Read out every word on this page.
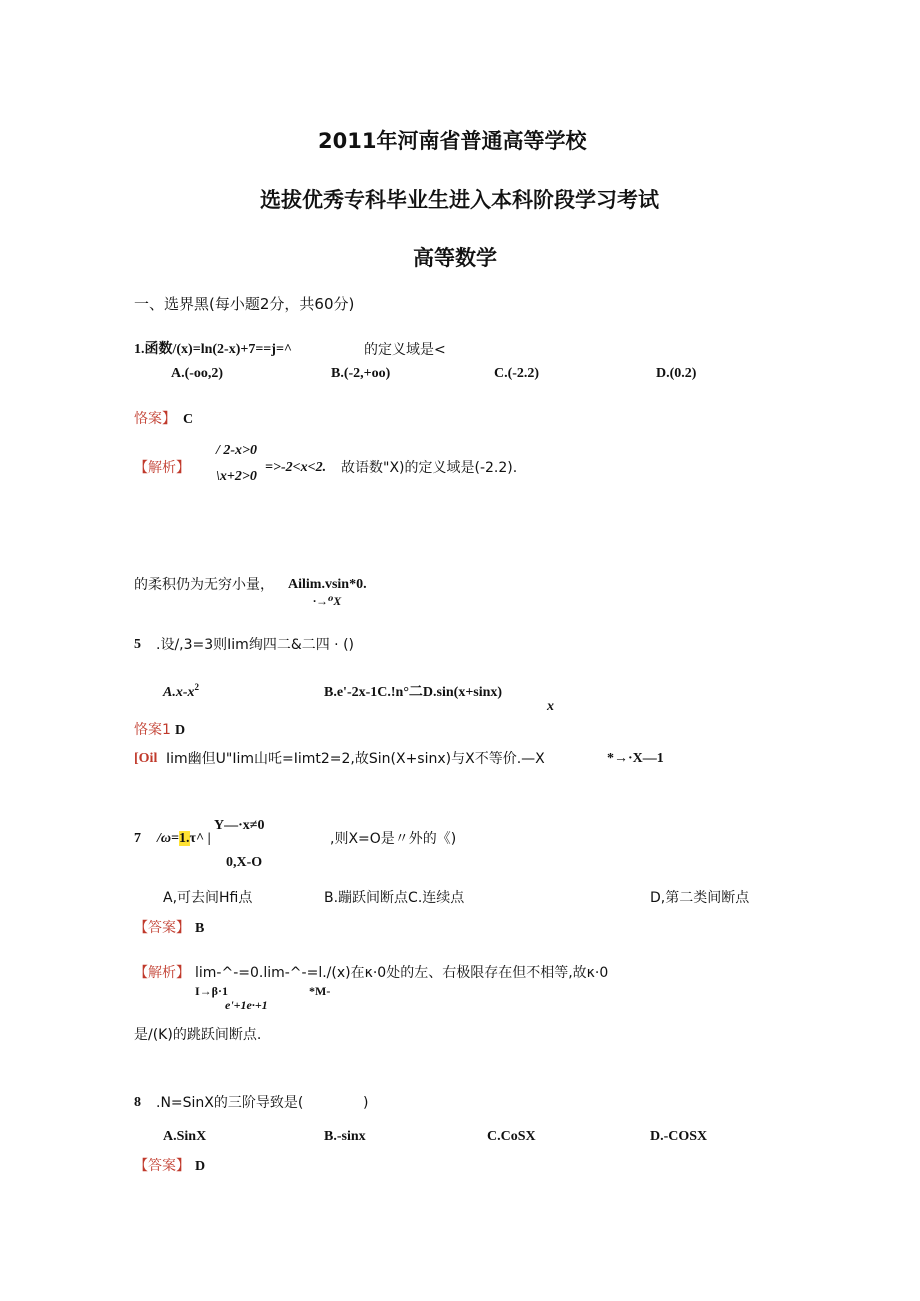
2011年河南省普通高等学校
选拔优秀专科毕业生进入本科阶段学习考试
高等数学
一、选界黑(每小题2分，共60分)
1.函数/(x)=ln(2-x)+7==j=^	的定义域是<
A.(-oo,2)	B.(-2,+oo)	C.(-2.2)	D.(0.2)
恪案】 C
/ 2-x>0
【解析】	=>-2<x<2. 故语数"X)的定义域是(-2.2).
\x+2>0
的柔积仍为无穷小量， Ailim.vsin*0.
·→⁰X
5 .设/,3=3则Iim绚四二&二四 · ()
$A.x-x^2$	B.e'-2x-1C.!n°二D.sin(x+sinx)
x
恪案1 D
[Oil Iim幽但U"Iim山吒=Iimt2=2,故Sin(X+sinx)与X不等价.—X	*→·X—1
Y—·x≠0
7 /ω=1.τ^ |	,则X=O是〃外的《)
0,X-O
A,可去间Hfi点	B.蹦跃间断点C.连续点	D,第二类间断点
【答案】 B
【解析】 lim-^-=0.lim-^-=l./(x)在κ·0处的左、右极限存在但不相等,故κ·0
I→β·1	*M-
e'+1e·+1
是/(K)的跳跃间断点.
8 .N=SinX的三阶导致是(	)
A.SinX	B.-sinx	C.CoSX	D.-COSX
【答案】 D
